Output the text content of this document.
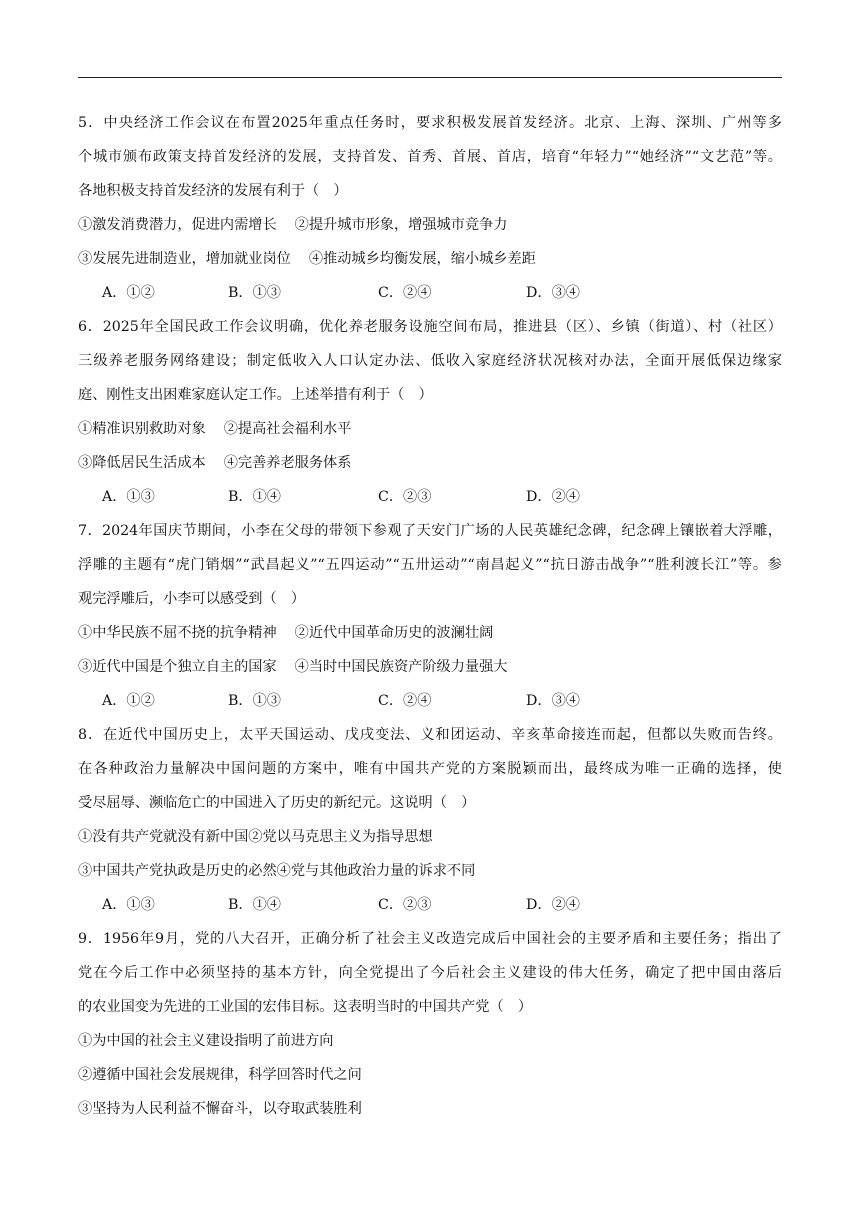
5．中央经济工作会议在布置2025年重点任务时，要求积极发展首发经济。北京、上海、深圳、广州等多
个城市颁布政策支持首发经济的发展，支持首发、首秀、首展、首店，培育“年轻力”“她经济”“文艺范”等。
各地积极支持首发经济的发展有利于（　）
①激发消费潜力，促进内需增长 ②提升城市形象，增强城市竞争力
③发展先进制造业，增加就业岗位 ④推动城乡均衡发展，缩小城乡差距
A．①②	B．①③	C．②④	D．③④
6．2025年全国民政工作会议明确，优化养老服务设施空间布局，推进县（区）、乡镇（街道）、村（社区）
三级养老服务网络建设；制定低收入人口认定办法、低收入家庭经济状况核对办法，全面开展低保边缘家
庭、刚性支出困难家庭认定工作。上述举措有利于（　）
①精准识别救助对象 ②提高社会福利水平
③降低居民生活成本 ④完善养老服务体系
A．①③	B．①④	C．②③	D．②④
7．2024年国庆节期间，小李在父母的带领下参观了天安门广场的人民英雄纪念碑，纪念碑上镶嵌着大浮雕，
浮雕的主题有“虎门销烟”“武昌起义”“五四运动”“五卅运动”“南昌起义”“抗日游击战争”“胜利渡长江”等。参
观完浮雕后，小李可以感受到（　）
①中华民族不屈不挠的抗争精神 ②近代中国革命历史的波澜壮阔
③近代中国是个独立自主的国家 ④当时中国民族资产阶级力量强大
A．①②	B．①③	C．②④	D．③④
8．在近代中国历史上，太平天国运动、戊戌变法、义和团运动、辛亥革命接连而起，但都以失败而告终。
在各种政治力量解决中国问题的方案中，唯有中国共产党的方案脱颖而出，最终成为唯一正确的选择，使
受尽屈辱、濒临危亡的中国进入了历史的新纪元。这说明（　）
①没有共产党就没有新中国②党以马克思主义为指导思想
③中国共产党执政是历史的必然④党与其他政治力量的诉求不同
A．①③	B．①④	C．②③	D．②④
9．1956年9月，党的八大召开，正确分析了社会主义改造完成后中国社会的主要矛盾和主要任务；指出了
党在今后工作中必须坚持的基本方针，向全党提出了今后社会主义建设的伟大任务，确定了把中国由落后
的农业国变为先进的工业国的宏伟目标。这表明当时的中国共产党（　）
①为中国的社会主义建设指明了前进方向
②遵循中国社会发展规律，科学回答时代之问
③坚持为人民利益不懈奋斗，以夺取武装胜利
